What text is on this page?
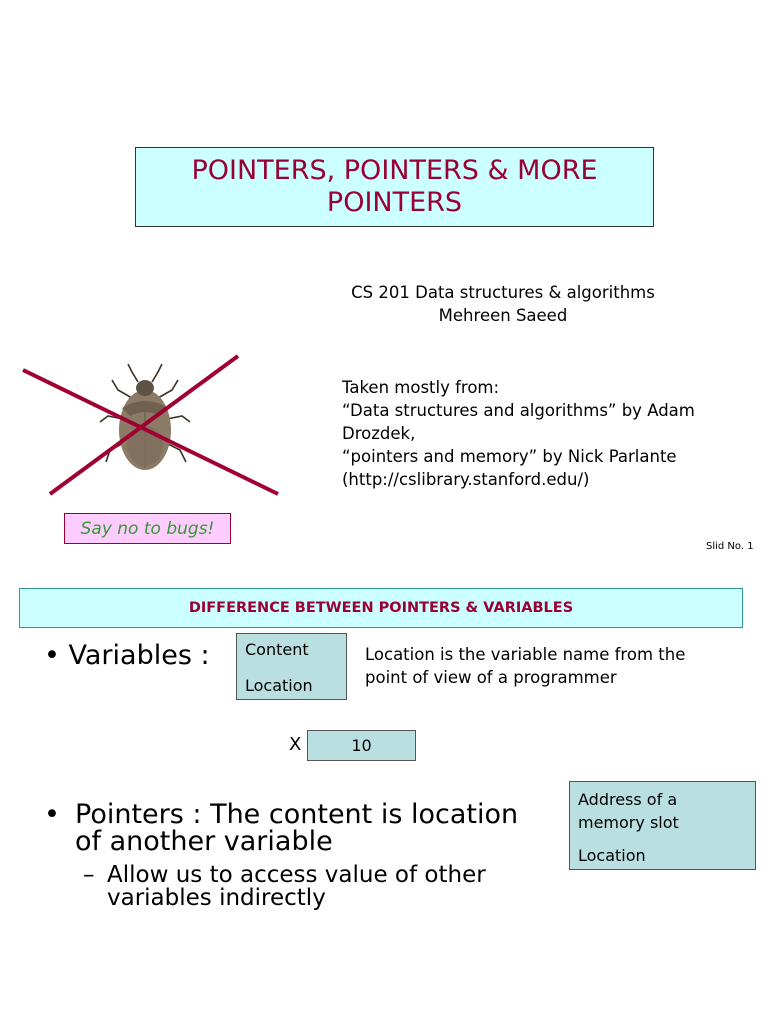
POINTERS, POINTERS & MORE POINTERS
CS 201 Data structures & algorithms
Mehreen Saeed
Taken mostly from:
“Data structures and algorithms” by Adam Drozdek,
“pointers and memory” by Nick Parlante
(http://cslibrary.stanford.edu/)
Say no to bugs!
Slid No. 1
DIFFERENCE BETWEEN POINTERS & VARIABLES
• Variables : Content
Location
Location is the variable name from the point of view of a programmer
X	10
• Pointers : The content is location of another variable
– Allow us to access value of other variables indirectly
Address of a memory slot
Location
